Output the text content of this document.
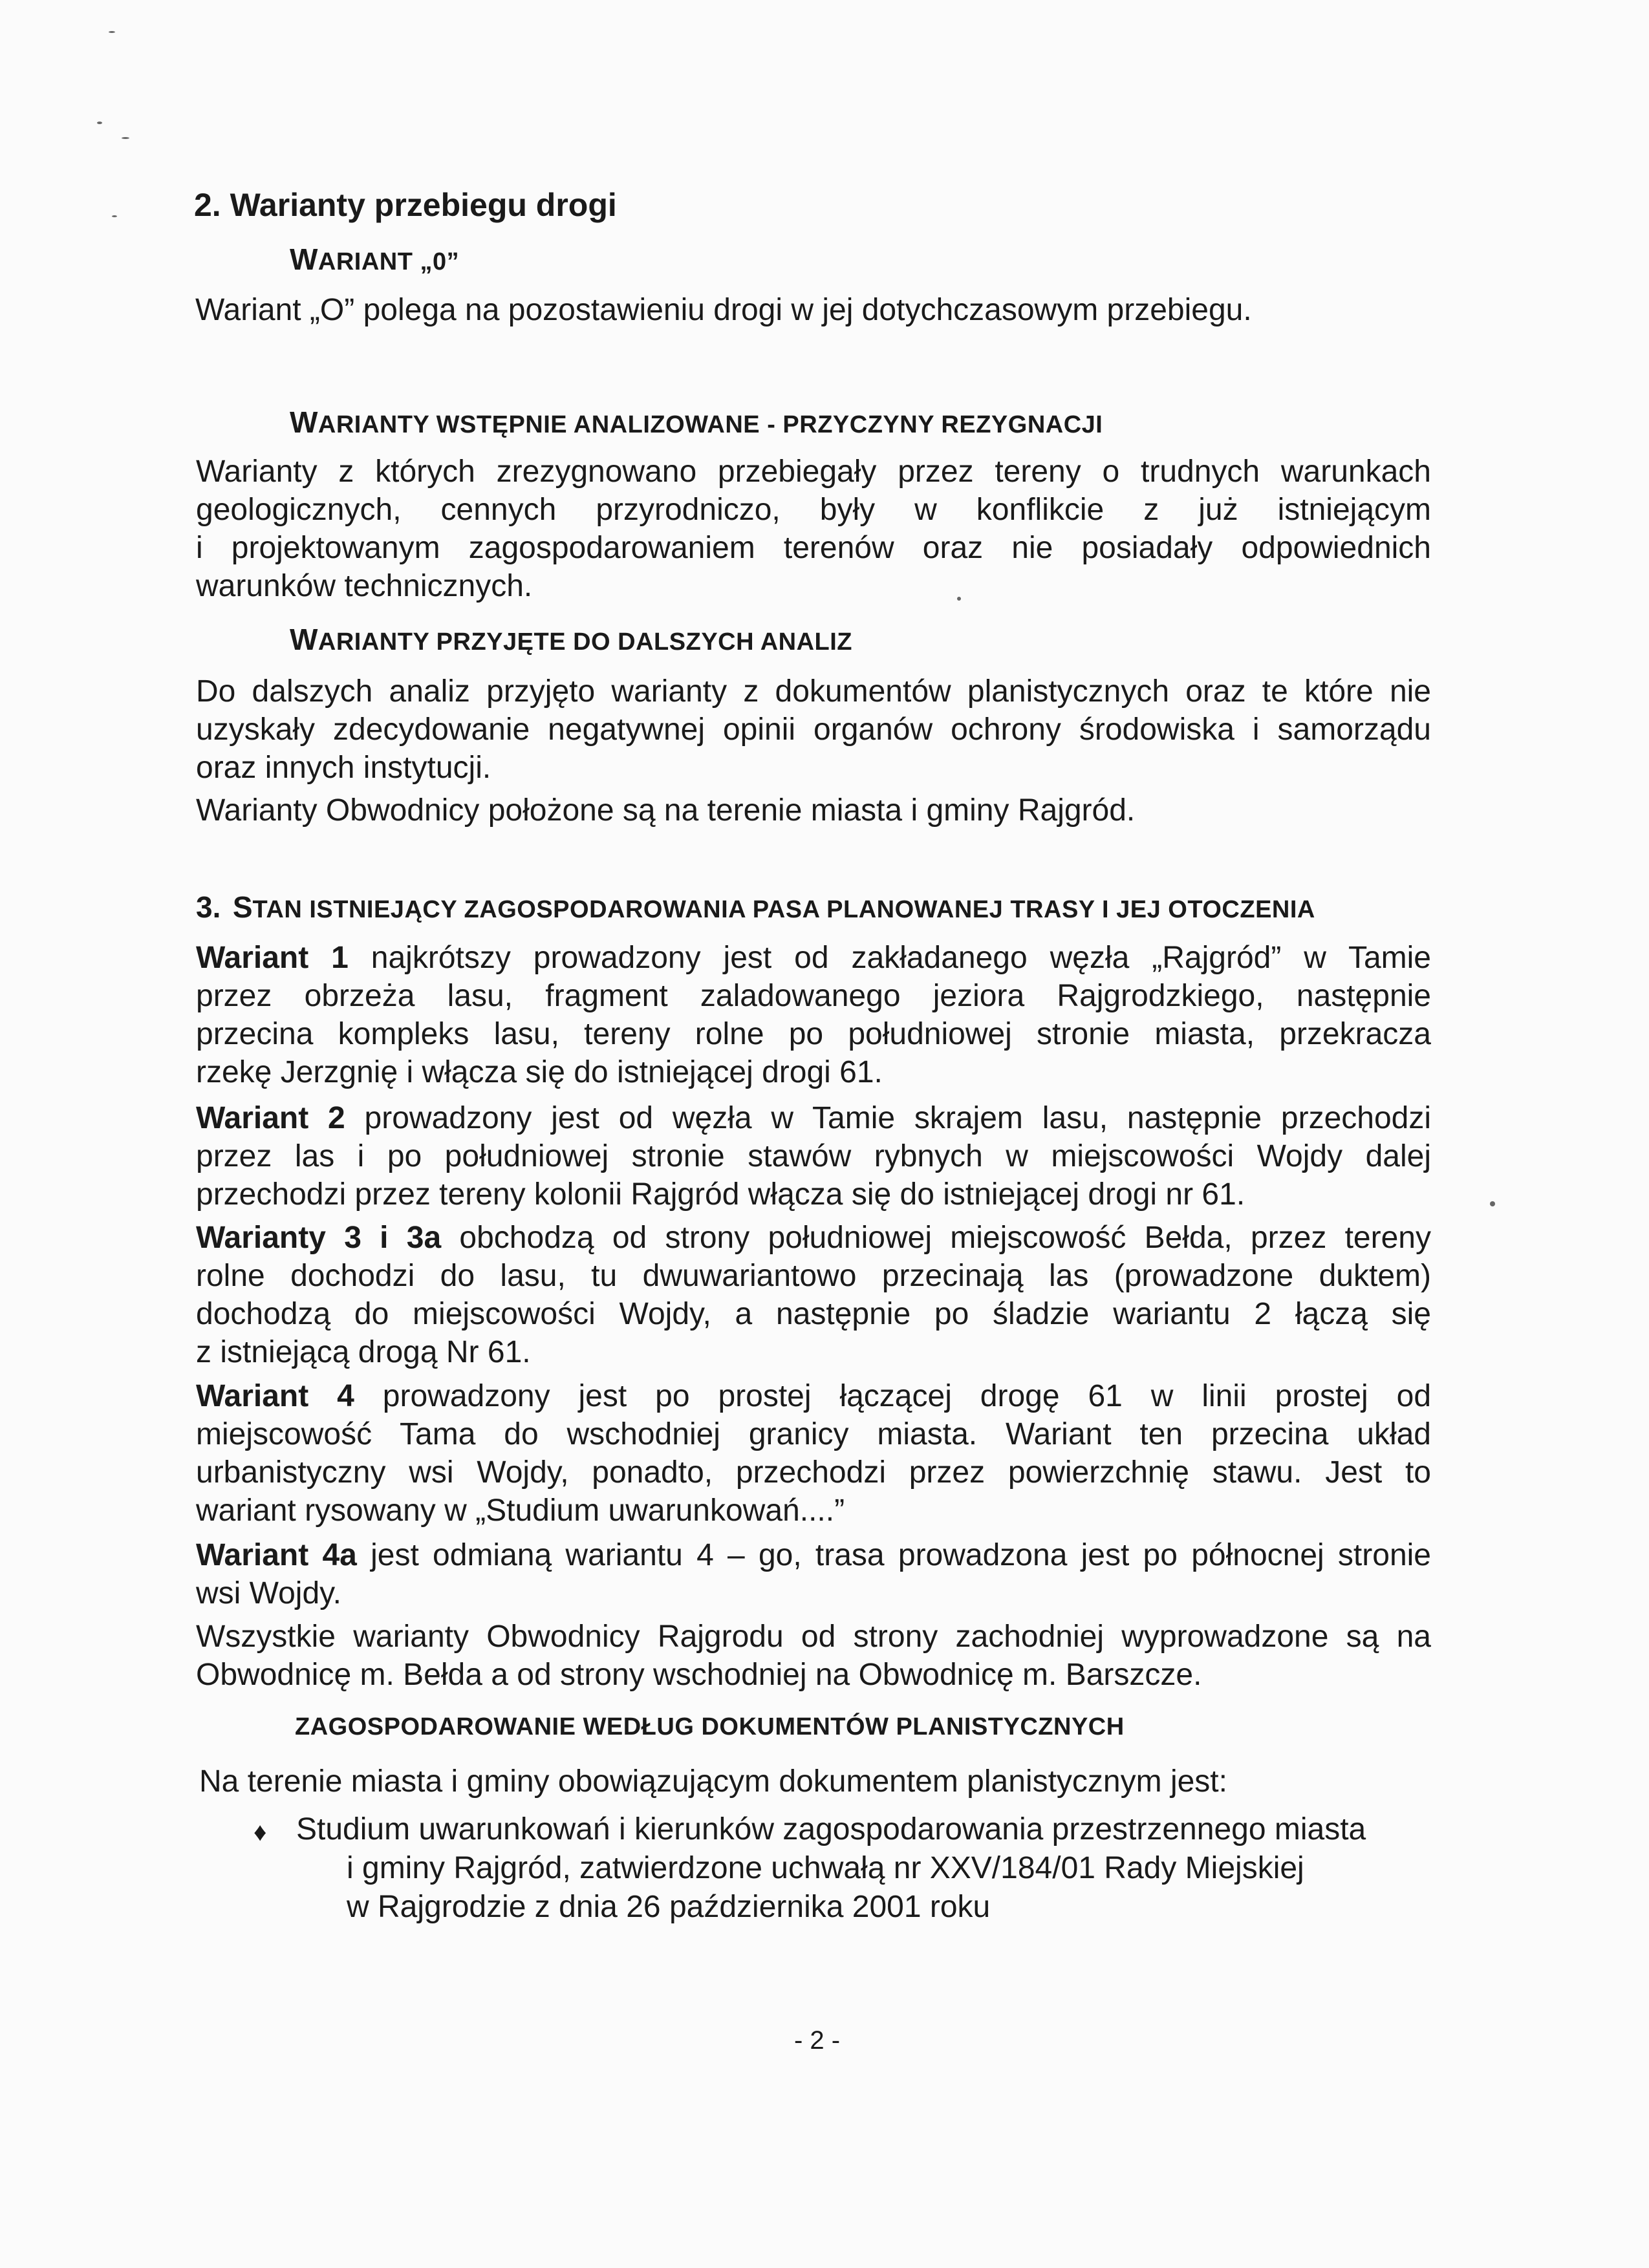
2. Warianty przebiegu drogi
WARIANT „0”
Wariant „O” polega na pozostawieniu drogi w jej dotychczasowym przebiegu.
WARIANTY WSTĘPNIE ANALIZOWANE - PRZYCZYNY REZYGNACJI
Warianty z których zrezygnowano przebiegały przez tereny o trudnych warunkach
geologicznych, cennych przyrodniczo, były w konflikcie z już istniejącym
i projektowanym zagospodarowaniem terenów oraz nie posiadały odpowiednich
warunków technicznych.
WARIANTY PRZYJĘTE DO DALSZYCH ANALIZ
Do dalszych analiz przyjęto warianty z dokumentów planistycznych oraz te które nie
uzyskały zdecydowanie negatywnej opinii organów ochrony środowiska i samorządu
oraz innych instytucji.
Warianty Obwodnicy położone są na terenie miasta i gminy Rajgród.
3. STAN ISTNIEJĄCY ZAGOSPODAROWANIA PASA PLANOWANEJ TRASY I JEJ OTOCZENIA
Wariant 1 najkrótszy prowadzony jest od zakładanego węzła „Rajgród” w Tamie
przez obrzeża lasu, fragment zaladowanego jeziora Rajgrodzkiego, następnie
przecina kompleks lasu, tereny rolne po południowej stronie miasta, przekracza
rzekę Jerzgnię i włącza się do istniejącej drogi 61.
Wariant 2 prowadzony jest od węzła w Tamie skrajem lasu, następnie przechodzi
przez las i po południowej stronie stawów rybnych w miejscowości Wojdy dalej
przechodzi przez tereny kolonii Rajgród włącza się do istniejącej drogi nr 61.
Warianty 3 i 3a obchodzą od strony południowej miejscowość Bełda, przez tereny
rolne dochodzi do lasu, tu dwuwariantowo przecinają las (prowadzone duktem)
dochodzą do miejscowości Wojdy, a następnie po śladzie wariantu 2 łączą się
z istniejącą drogą Nr 61.
Wariant 4 prowadzony jest po prostej łączącej drogę 61 w linii prostej od
miejscowość Tama do wschodniej granicy miasta. Wariant ten przecina układ
urbanistyczny wsi Wojdy, ponadto, przechodzi przez powierzchnię stawu. Jest to
wariant rysowany w „Studium uwarunkowań....”
Wariant 4a jest odmianą wariantu 4 – go, trasa prowadzona jest po północnej stronie
wsi Wojdy.
Wszystkie warianty Obwodnicy Rajgrodu od strony zachodniej wyprowadzone są na
Obwodnicę m. Bełda a od strony wschodniej na Obwodnicę m. Barszcze.
ZAGOSPODAROWANIE WEDŁUG DOKUMENTÓW PLANISTYCZNYCH
Na terenie miasta i gminy obowiązującym dokumentem planistycznym jest:
♦ Studium uwarunkowań i kierunków zagospodarowania przestrzennego miasta
i gminy Rajgród, zatwierdzone uchwałą nr XXV/184/01 Rady Miejskiej
w Rajgrodzie z dnia 26 października 2001 roku
- 2 -
